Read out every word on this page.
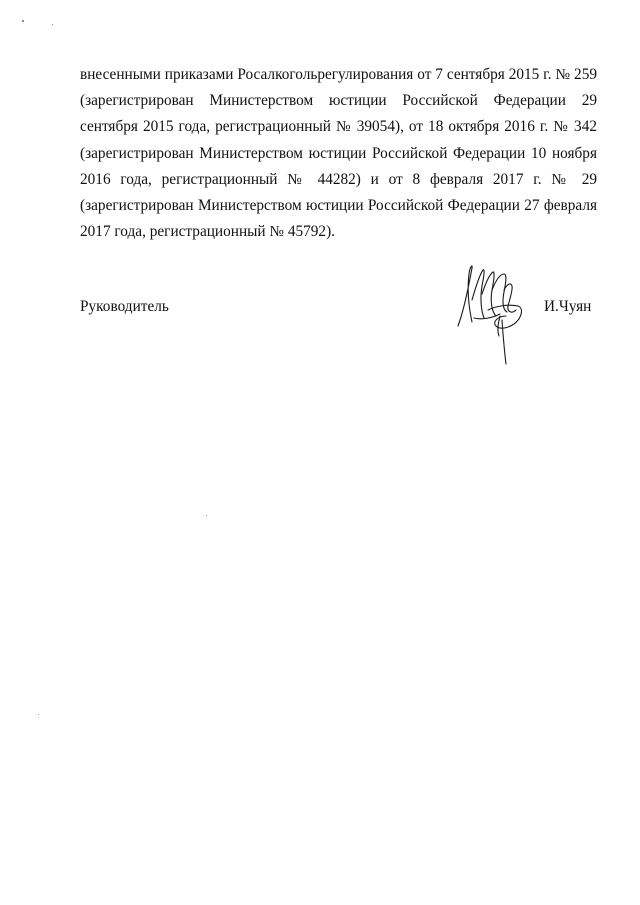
внесенными приказами Росалкогольрегулирования от 7 сентября 2015 г. № 259 (зарегистрирован Министерством юстиции Российской Федерации 29 сентября 2015 года, регистрационный № 39054), от 18 октября 2016 г. № 342 (зарегистрирован Министерством юстиции Российской Федерации 10 ноября 2016 года, регистрационный № 44282) и от 8 февраля 2017 г. № 29 (зарегистрирован Министерством юстиции Российской Федерации 27 февраля 2017 года, регистрационный № 45792).

Руководитель	И.Чуян
